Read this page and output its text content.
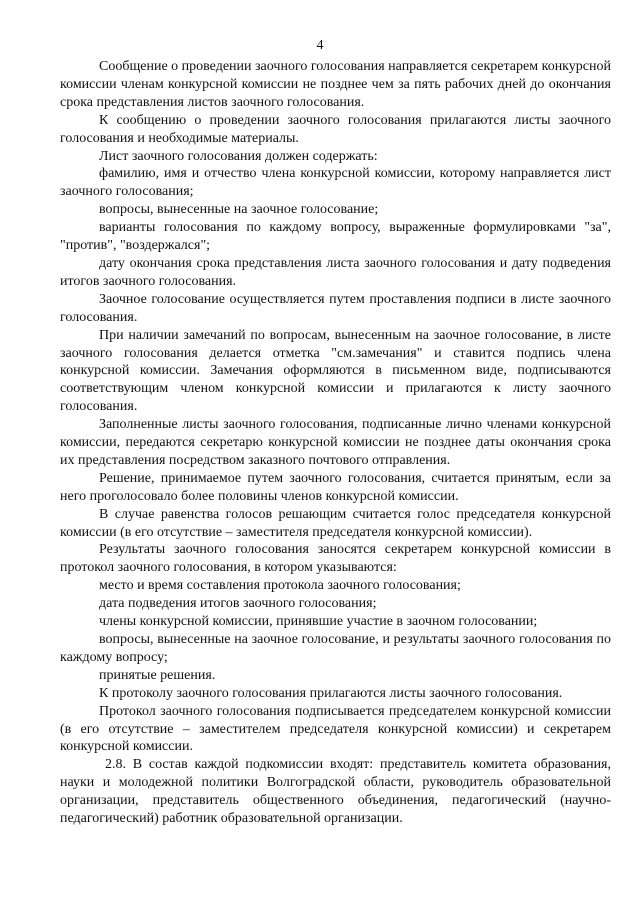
4

Сообщение о проведении заочного голосования направляется секретарем конкурсной комиссии членам конкурсной комиссии не позднее чем за пять рабочих дней до окончания срока представления листов заочного голосования.

К сообщению о проведении заочного голосования прилагаются листы заочного голосования и необходимые материалы.

Лист заочного голосования должен содержать:

фамилию, имя и отчество члена конкурсной комиссии, которому направляется лист заочного голосования;

вопросы, вынесенные на заочное голосование;

варианты голосования по каждому вопросу, выраженные формулировками "за", "против", "воздержался";

дату окончания срока представления листа заочного голосования и дату подведения итогов заочного голосования.

Заочное голосование осуществляется путем проставления подписи в листе заочного голосования.

При наличии замечаний по вопросам, вынесенным на заочное голосование, в листе заочного голосования делается отметка "см.замечания" и ставится подпись члена конкурсной комиссии. Замечания оформляются в письменном виде, подписываются соответствующим членом конкурсной комиссии и прилагаются к листу заочного голосования.

Заполненные листы заочного голосования, подписанные лично членами конкурсной комиссии, передаются секретарю конкурсной комиссии не позднее даты окончания срока их представления посредством заказного почтового отправления.

Решение, принимаемое путем заочного голосования, считается принятым, если за него проголосовало более половины членов конкурсной комиссии.

В случае равенства голосов решающим считается голос председателя конкурсной комиссии (в его отсутствие – заместителя председателя конкурсной комиссии).

Результаты заочного голосования заносятся секретарем конкурсной комиссии в протокол заочного голосования, в котором указываются:

место и время составления протокола заочного голосования;

дата подведения итогов заочного голосования;

члены конкурсной комиссии, принявшие участие в заочном голосовании;

вопросы, вынесенные на заочное голосование, и результаты заочного голосования по каждому вопросу;

принятые решения.

К протоколу заочного голосования прилагаются листы заочного голосования.

Протокол заочного голосования подписывается председателем конкурсной комиссии (в его отсутствие – заместителем председателя конкурсной комиссии) и секретарем конкурсной комиссии.

2.8. В состав каждой подкомиссии входят: представитель комитета образования, науки и молодежной политики Волгоградской области, руководитель образовательной организации, представитель общественного объединения, педагогический (научно-педагогический) работник образовательной организации.
